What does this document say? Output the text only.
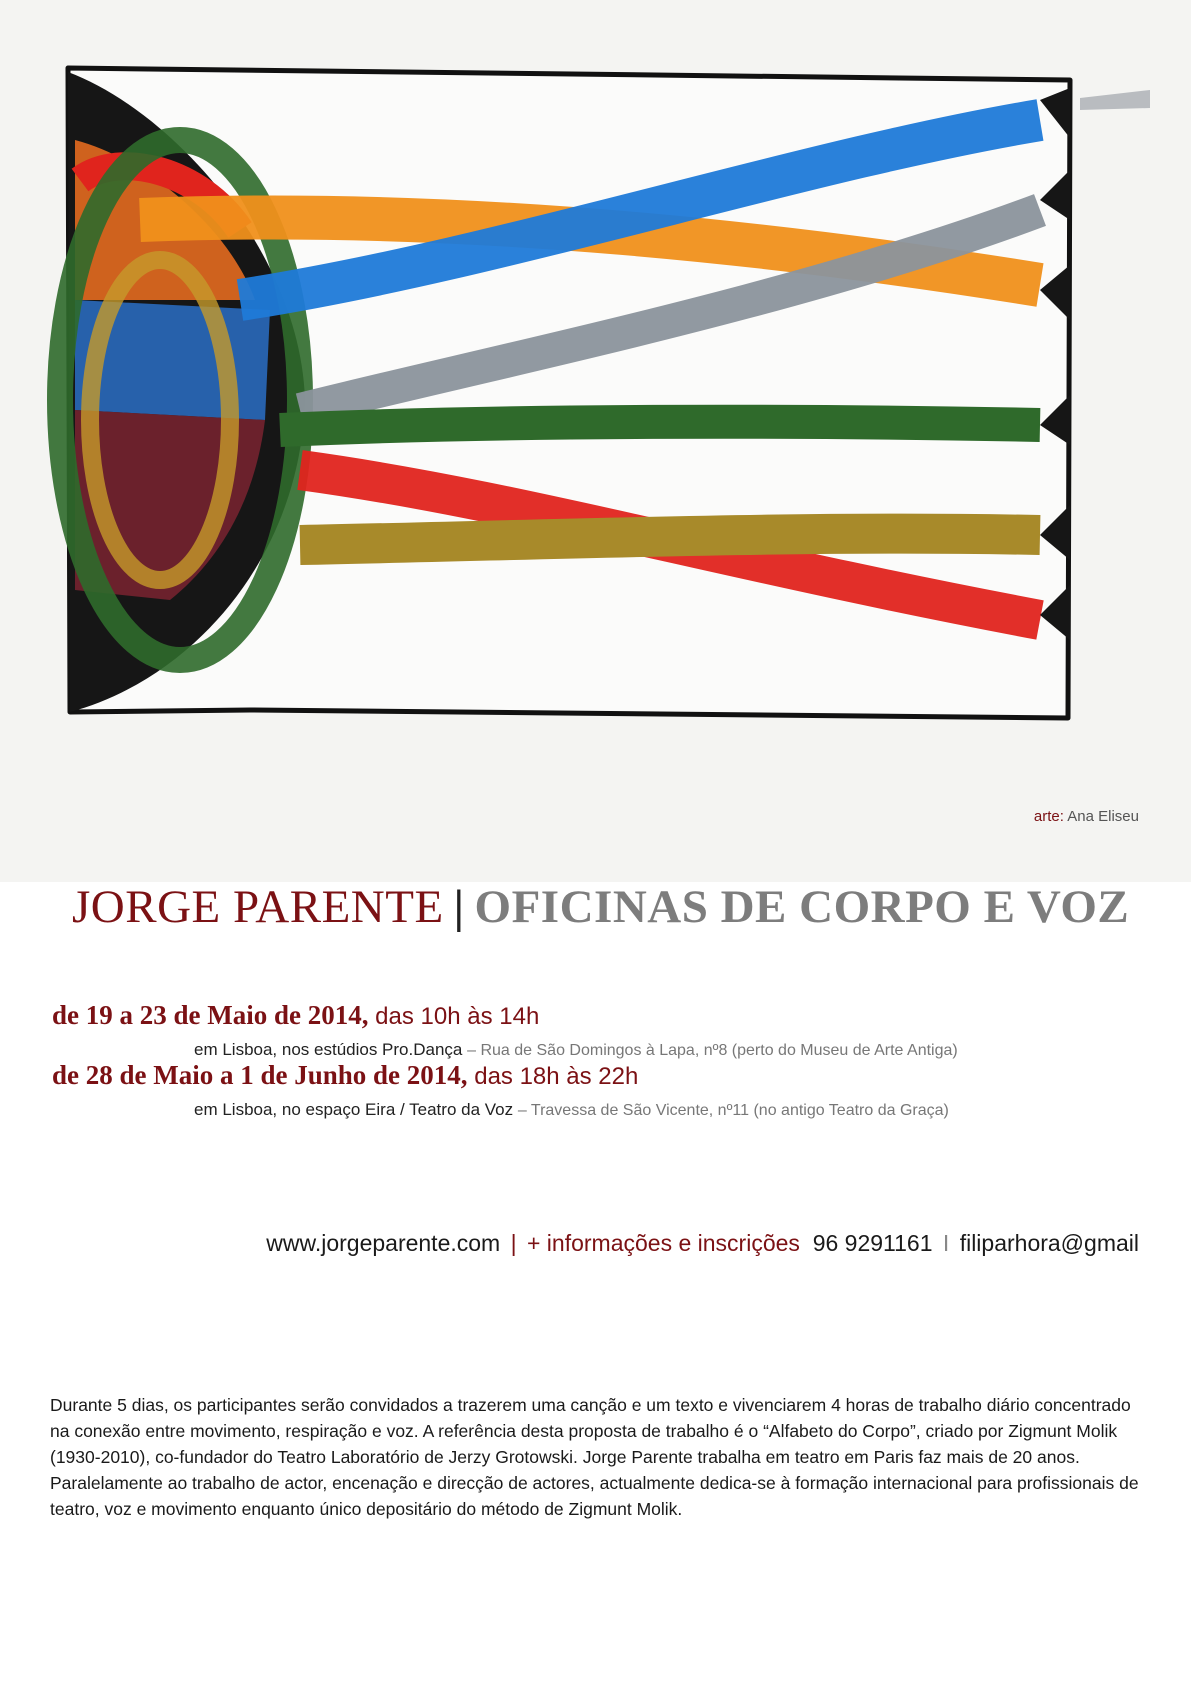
arte: Ana Eliseu
JORGE PARENTE | OFICINAS DE CORPO E VOZ
de 19 a 23 de Maio de 2014, das 10h às 14h
em Lisboa, nos estúdios Pro.Dança – Rua de São Domingos à Lapa, nº8 (perto do Museu de Arte Antiga)
de 28 de Maio a 1 de Junho de 2014, das 18h às 22h
em Lisboa, no espaço Eira / Teatro da Voz – Travessa de São Vicente, nº11 (no antigo Teatro da Graça)
www.jorgeparente.com | + informações e inscrições 96 9291161 I filiparhora@gmail

Durante 5 dias, os participantes serão convidados a trazerem uma canção e um texto e vivenciarem 4 horas de trabalho diário concentrado na conexão entre movimento, respiração e voz. A referência desta proposta de trabalho é o “Alfabeto do Corpo”, criado por Zigmunt Molik (1930-2010), co-fundador do Teatro Laboratório de Jerzy Grotowski. Jorge Parente trabalha em teatro em Paris faz mais de 20 anos. Paralelamente ao trabalho de actor, encenação e direcção de actores, actualmente dedica-se à formação internacional para profissionais de teatro, voz e movimento enquanto único depositário do método de Zigmunt Molik.
